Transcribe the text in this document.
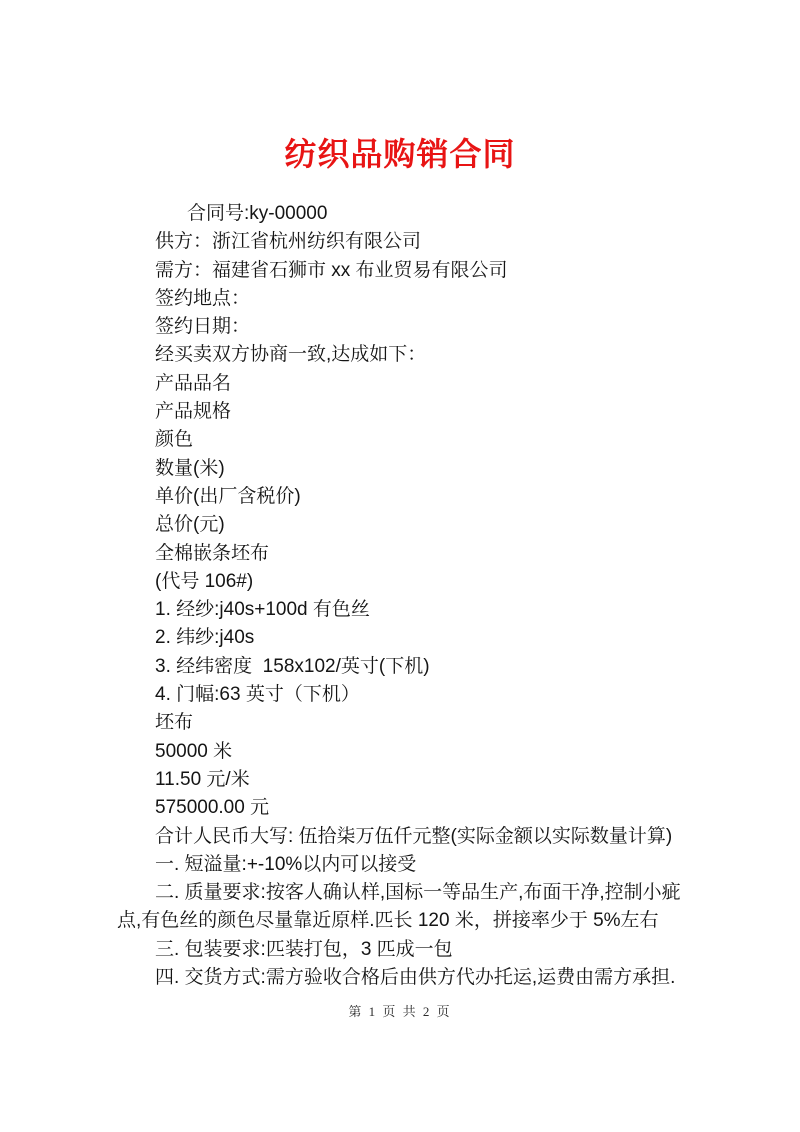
纺织品购销合同

合同号:ky-00000

供方：浙江省杭州纺织有限公司

需方：福建省石狮市 xx 布业贸易有限公司

签约地点：

签约日期：

经买卖双方协商一致,达成如下：

产品品名

产品规格

颜色

数量(米)

单价(出厂含税价)

总价(元)

全棉嵌条坯布

(代号 106#)

1. 经纱:j40s+100d 有色丝

2. 纬纱:j40s

3. 经纬密度  158x102/英寸(下机)

4. 门幅:63 英寸（下机）

坯布

50000 米

11.50 元/米

575000.00 元

合计人民币大写: 伍拾柒万伍仟元整(实际金额以实际数量计算)

一. 短溢量:+-10%以内可以接受

二. 质量要求:按客人确认样,国标一等品生产,布面干净,控制小疵点,有色丝的颜色尽量靠近原样.匹长 120 米，拼接率少于 5%左右

三. 包装要求:匹装打包，3 匹成一包

四. 交货方式:需方验收合格后由供方代办托运,运费由需方承担.

第 1 页 共 2 页
